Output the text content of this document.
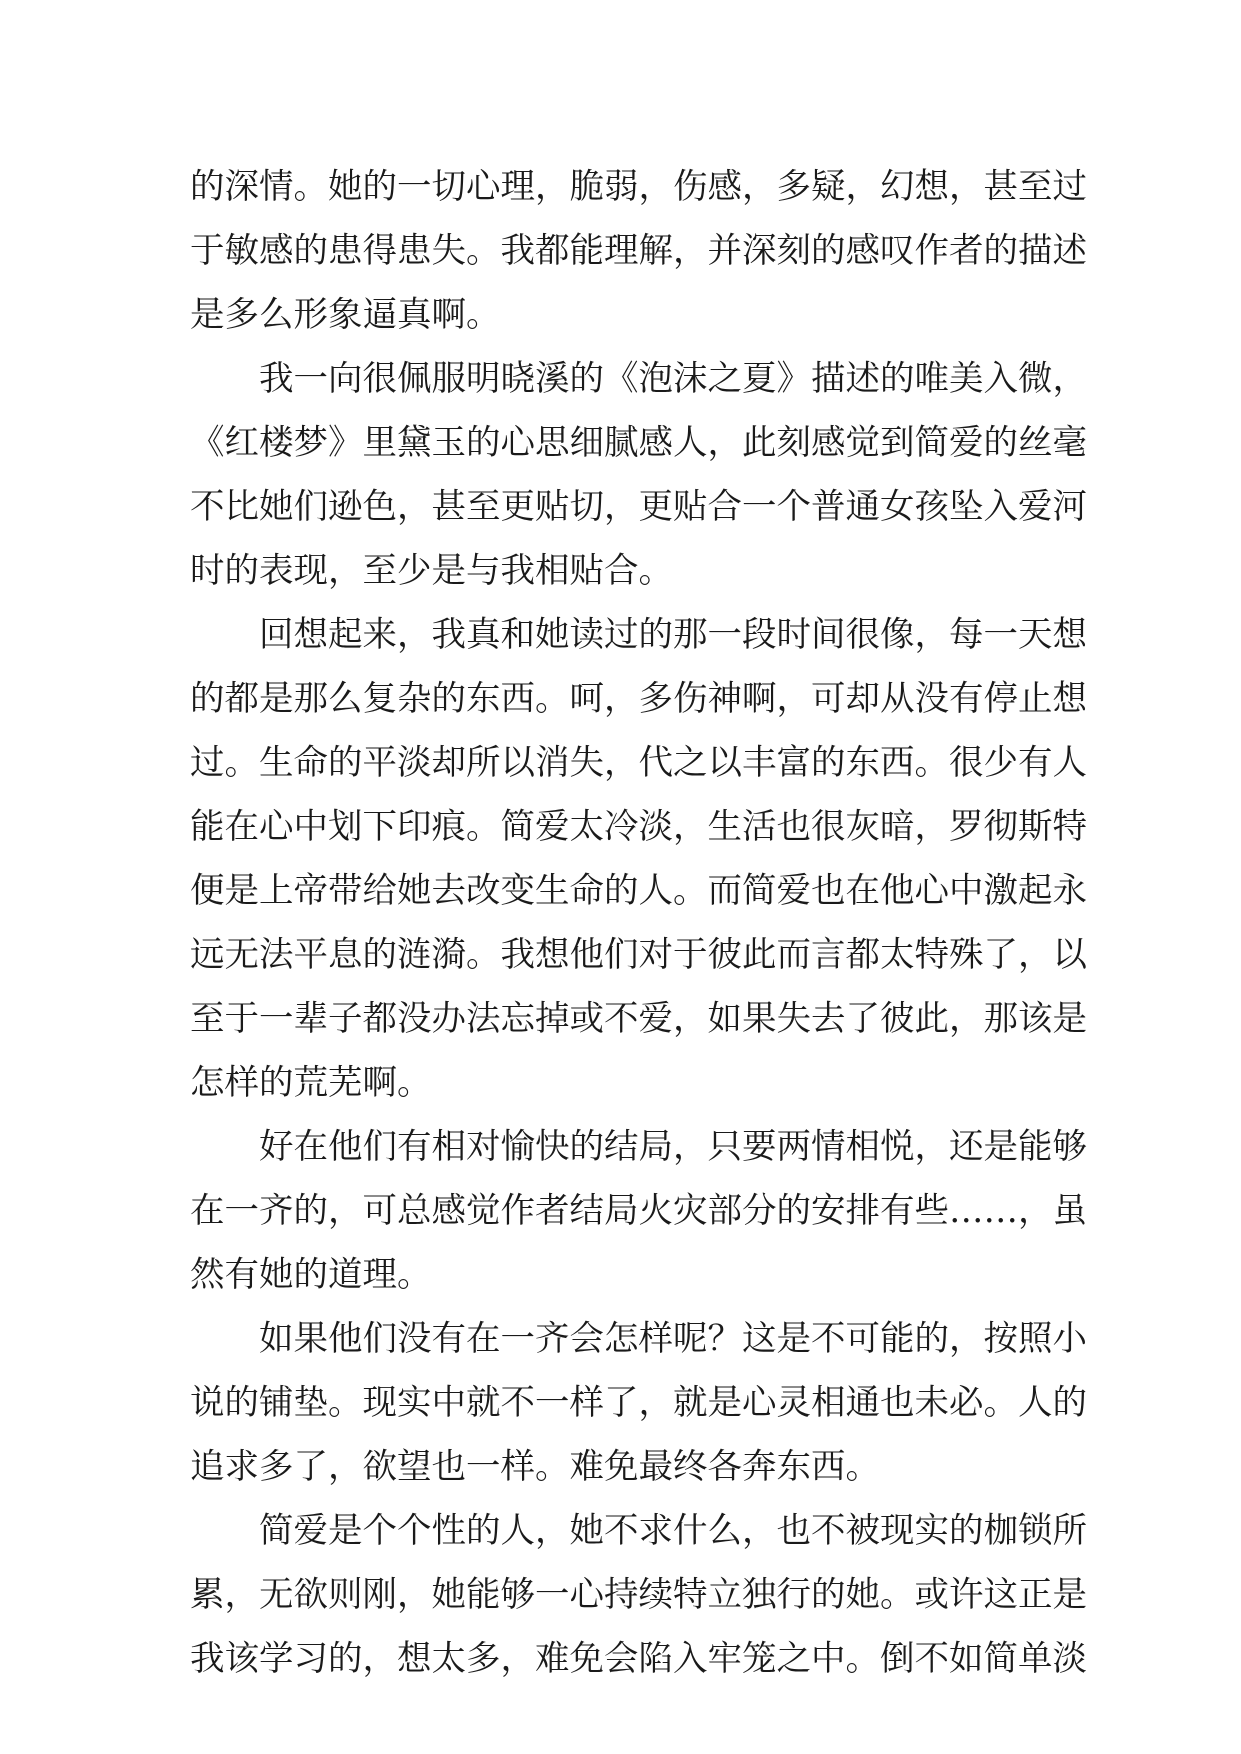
的深情。她的一切心理，脆弱，伤感，多疑，幻想，甚至过
于敏感的患得患失。我都能理解，并深刻的感叹作者的描述
是多么形象逼真啊。
我一向很佩服明晓溪的《泡沫之夏》描述的唯美入微，
《红楼梦》里黛玉的心思细腻感人，此刻感觉到简爱的丝毫
不比她们逊色，甚至更贴切，更贴合一个普通女孩坠入爱河
时的表现，至少是与我相贴合。
回想起来，我真和她读过的那一段时间很像，每一天想
的都是那么复杂的东西。呵，多伤神啊，可却从没有停止想
过。生命的平淡却所以消失，代之以丰富的东西。很少有人
能在心中划下印痕。简爱太冷淡，生活也很灰暗，罗彻斯特
便是上帝带给她去改变生命的人。而简爱也在他心中激起永
远无法平息的涟漪。我想他们对于彼此而言都太特殊了，以
至于一辈子都没办法忘掉或不爱，如果失去了彼此，那该是
怎样的荒芜啊。
好在他们有相对愉快的结局，只要两情相悦，还是能够
在一齐的，可总感觉作者结局火灾部分的安排有些……，虽
然有她的道理。
如果他们没有在一齐会怎样呢？这是不可能的，按照小
说的铺垫。现实中就不一样了，就是心灵相通也未必。人的
追求多了，欲望也一样。难免最终各奔东西。
简爱是个个性的人，她不求什么，也不被现实的枷锁所
累，无欲则刚，她能够一心持续特立独行的她。或许这正是
我该学习的，想太多，难免会陷入牢笼之中。倒不如简单淡
